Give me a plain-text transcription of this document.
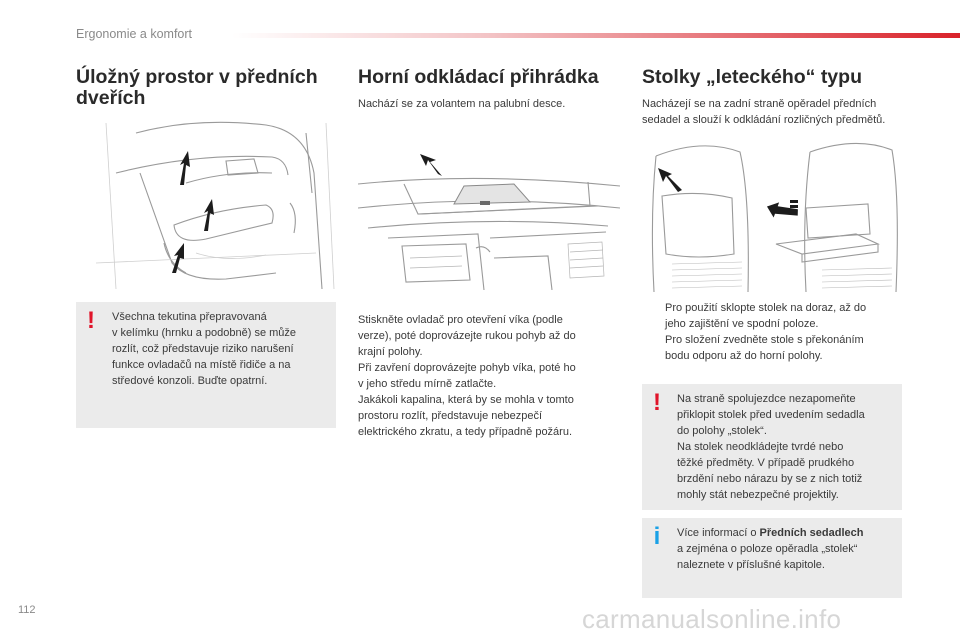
Ergonomie a komfort
Úložný prostor v předních
dveřích
! Všechna tekutina přepravovaná
v kelímku (hrnku a podobně) se může
rozlít, což představuje riziko narušení
funkce ovladačů na místě řidiče a na
středové konzoli. Buďte opatrní.

Horní odkládací přihrádka

Nachází se za volantem na palubní desce.

Stiskněte ovladač pro otevření víka (podle
verze), poté doprovázejte rukou pohyb až do
krajní polohy.
Při zavření doprovázejte pohyb víka, poté ho
v jeho středu mírně zatlačte.
Jakákoli kapalina, která by se mohla v tomto
prostoru rozlít, představuje nebezpečí
elektrického zkratu, a tedy případně požáru.

Stolky „leteckého“ typu

Nacházejí se na zadní straně opěradel předních
sedadel a slouží k odkládání rozličných předmětů.

Pro použití sklopte stolek na doraz, až do
jeho zajištění ve spodní poloze.

Pro složení zvedněte stole s překonáním
bodu odporu až do horní polohy.

! Na straně spolujezdce nezapomeňte
přiklopit stolek před uvedením sedadla
do polohy „stolek“.
Na stolek neodkládejte tvrdé nebo
těžké předměty. V případě prudkého
brzdění nebo nárazu by se z nich totiž
mohly stát nebezpečné projektily.

i	Více informací o Předních sedadlech
a zejména o poloze opěradla „stolek“
naleznete v příslušné kapitole.

112	carmanualsonline.info
